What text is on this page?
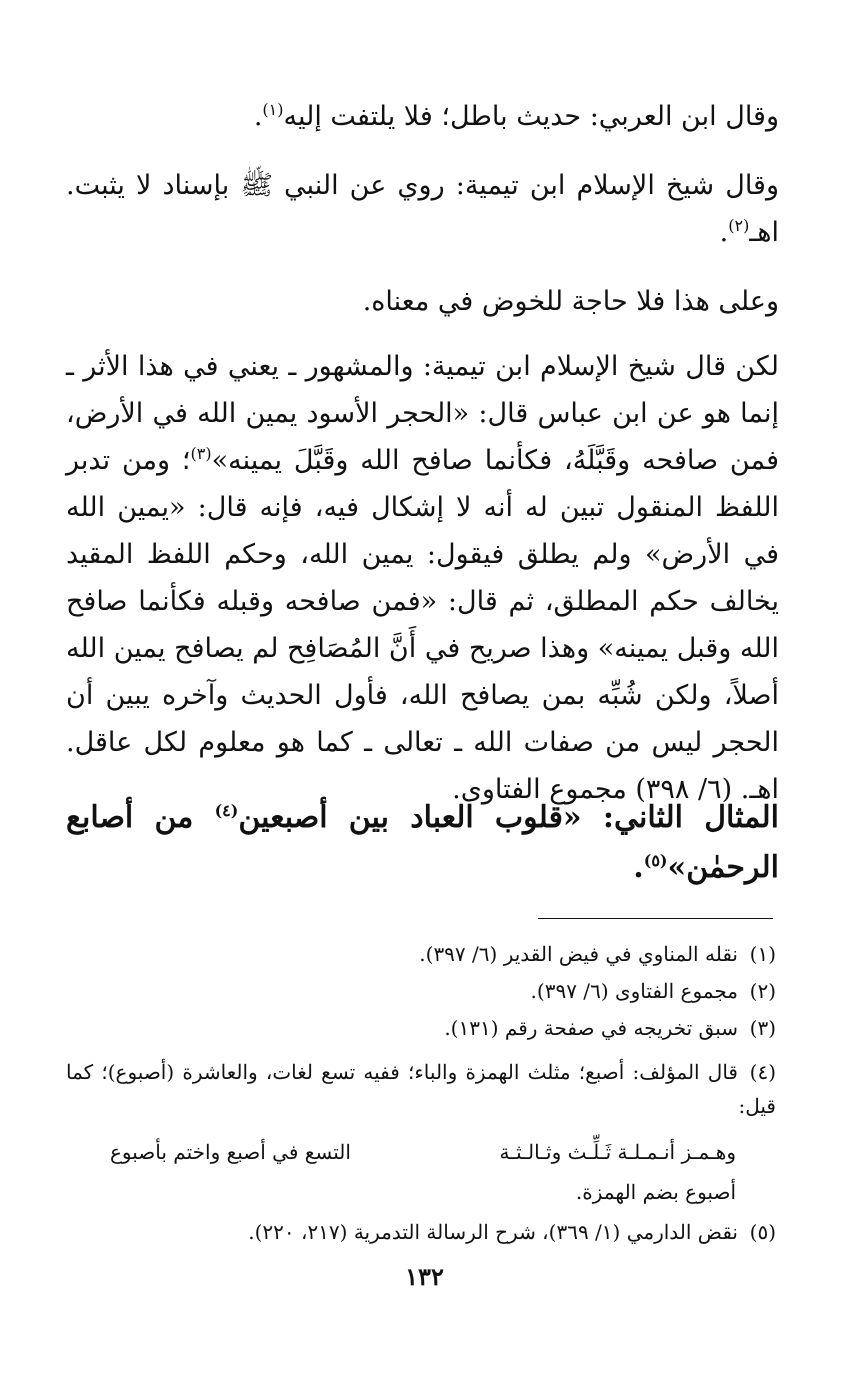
وقال ابن العربي: حديث باطل؛ فلا يلتفت إليه$^{(١)}$.

وقال شيخ الإسلام ابن تيمية: روي عن النبي ﷺ بإسناد لا يثبت. اهـ$^{(٢)}$.

وعلى هذا فلا حاجة للخوض في معناه.

لكن قال شيخ الإسلام ابن تيمية: والمشهور ـ يعني في هذا الأثر ـ إنما هو عن ابن عباس قال: «الحجر الأسود يمين الله في الأرض، فمن صافحه وقَبَّلَهُ، فكأنما صافح الله وقَبَّلَ يمينه»$^{(٣)}$؛ ومن تدبر اللفظ المنقول تبين له أنه لا إشكال فيه، فإنه قال: «يمين الله في الأرض» ولم يطلق فيقول: يمين الله، وحكم اللفظ المقيد يخالف حكم المطلق، ثم قال: «فمن صافحه وقبله فكأنما صافح الله وقبل يمينه» وهذا صريح في أَنَّ المُصَافِح لم يصافح يمين الله أصلاً، ولكن شُبِّه بمن يصافح الله، فأول الحديث وآخره يبين أن الحجر ليس من صفات الله ـ تعالى ـ كما هو معلوم لكل عاقل. اهـ. (٦/ ٣٩٨) مجموع الفتاوى.

المثال الثاني: «قلوب العباد بين أصبعين$^{(٤)}$ من أصابع الرحمٰن»$^{(٥)}$.

(١)نقله المناوي في فيض القدير (٦/ ٣٩٧).

(٢)مجموع الفتاوى (٦/ ٣٩٧).

(٣)سبق تخريجه في صفحة رقم (١٣١).

(٤)قال المؤلف: أصبع؛ مثلث الهمزة والباء؛ ففيه تسع لغات، والعاشرة (أصبوع)؛ كما قيل:

وهـمـز أنـمـلـة ثَـلِّـث وثـالـثـة
التسع في أصبع واختم بأصبوع

أصبوع بضم الهمزة.

(٥)نقض الدارمي (١/ ٣٦٩)، شرح الرسالة التدمرية (٢١٧، ٢٢٠).

١٣٢
